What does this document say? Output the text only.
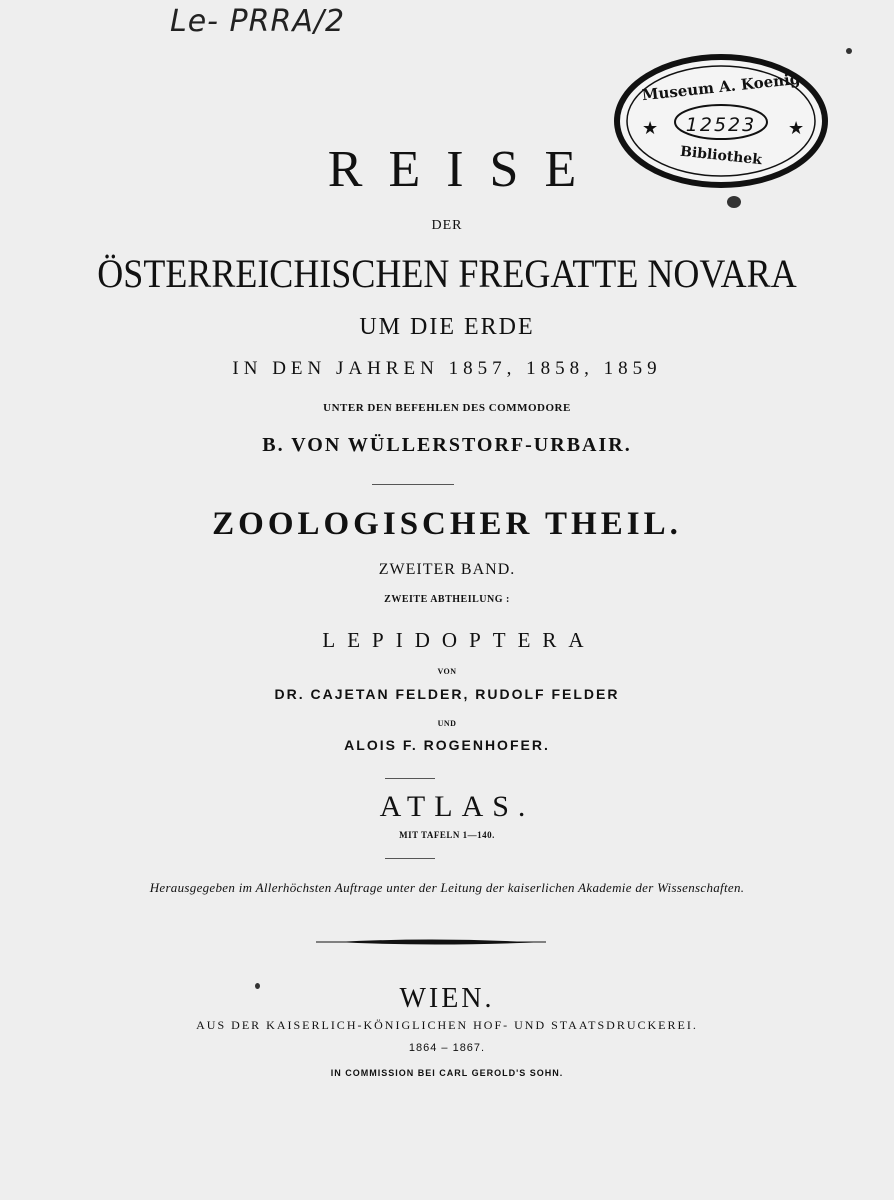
Le- PRRA/2
★	★
Museum A. Koenig
12523
Bibliothek
REISE
DER
ÖSTERREICHISCHEN FREGATTE NOVARA
UM DIE ERDE
IN DEN JAHREN 1857, 1858, 1859
UNTER DEN BEFEHLEN DES COMMODORE
B. VON WÜLLERSTORF-URBAIR.
ZOOLOGISCHER THEIL.
ZWEITER BAND.
ZWEITE ABTHEILUNG :
LEPIDOPTERA
VON
DR. CAJETAN FELDER, RUDOLF FELDER
UND
ALOIS F. ROGENHOFER.
ATLAS.
MIT TAFELN 1—140.
Herausgegeben im Allerhöchsten Auftrage unter der Leitung der kaiserlichen Akademie der Wissenschaften.
WIEN.
AUS DER KAISERLICH-KÖNIGLICHEN HOF- UND STAATSDRUCKEREI.
1864 – 1867.
IN COMMISSION BEI CARL GEROLD'S SOHN.
